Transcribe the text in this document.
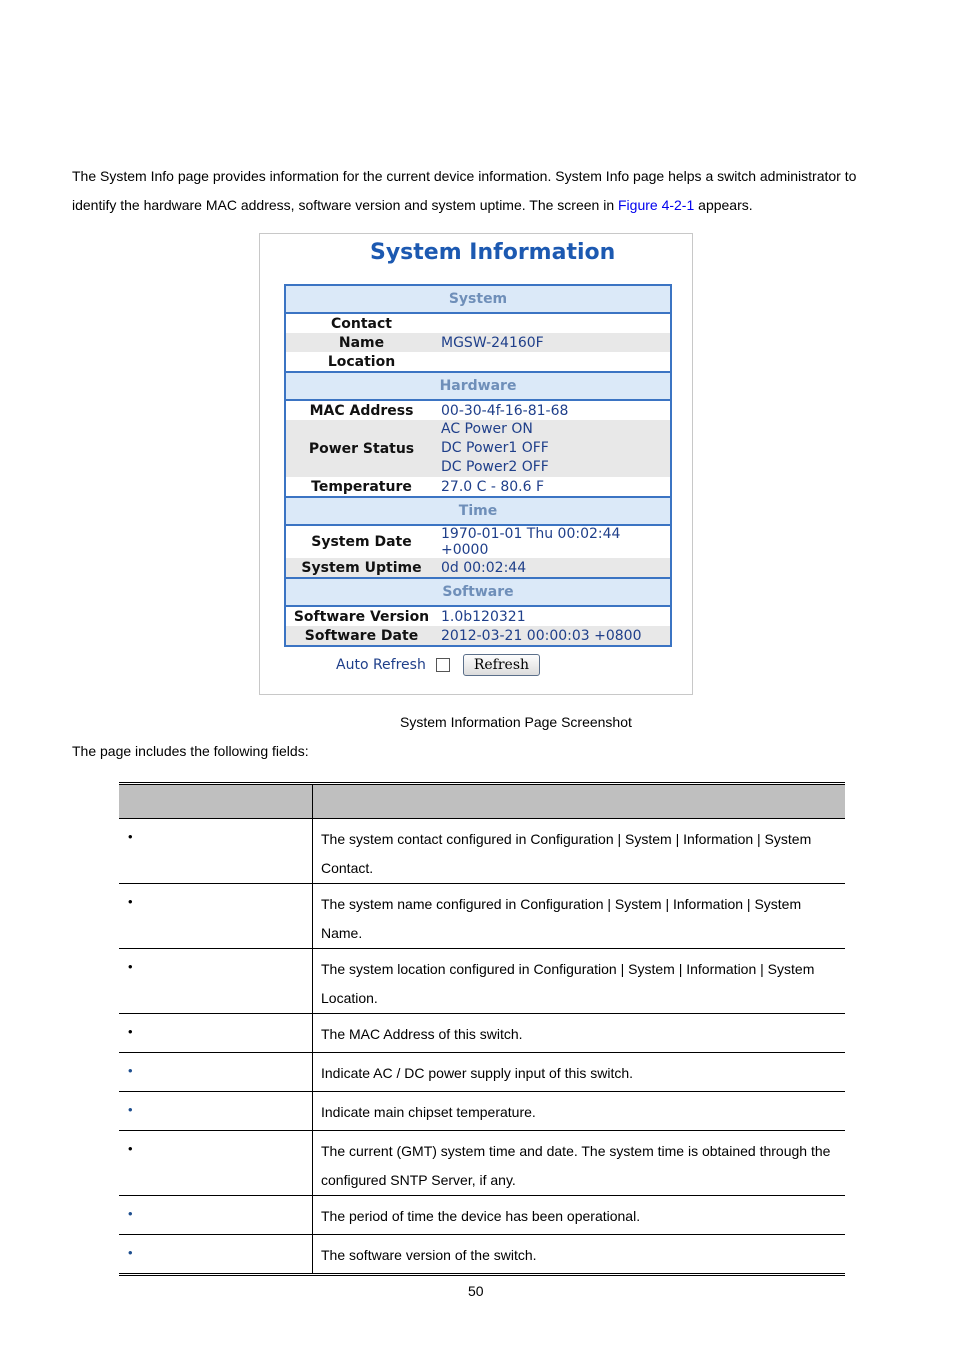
The System Info page provides information for the current device information. System Info page helps a switch administrator to identify the hardware MAC address, software version and system uptime. The screen in Figure 4-2-1 appears.

System Information
System	
Contact	
Name	MGSW-24160F
Location	
Hardware	
MAC Address	00-30-4f-16-81-68
Power Status	AC Power ON
DC Power1 OFF
DC Power2 OFF

Temperature	27.0 C - 80.6 F
Time	
System Date	1970-01-01 Thu 00:02:44 +0000
System Uptime	0d 00:02:44
Software	
Software Version	1.0b120321
Software Date	2012-03-21 00:00:03 +0800
Auto Refresh	Refresh

System Information Page Screenshot

The page includes the following fields:

•	The system contact configured in Configuration | System | Information | System Contact.

•	The system name configured in Configuration | System | Information | System Name.

•	The system location configured in Configuration | System | Information | System Location.

•	The MAC Address of this switch.

•	Indicate AC / DC power supply input of this switch.

•	Indicate main chipset temperature.

•	The current (GMT) system time and date. The system time is obtained through the configured SNTP Server, if any.

•	The period of time the device has been operational.

•	The software version of the switch.

50
